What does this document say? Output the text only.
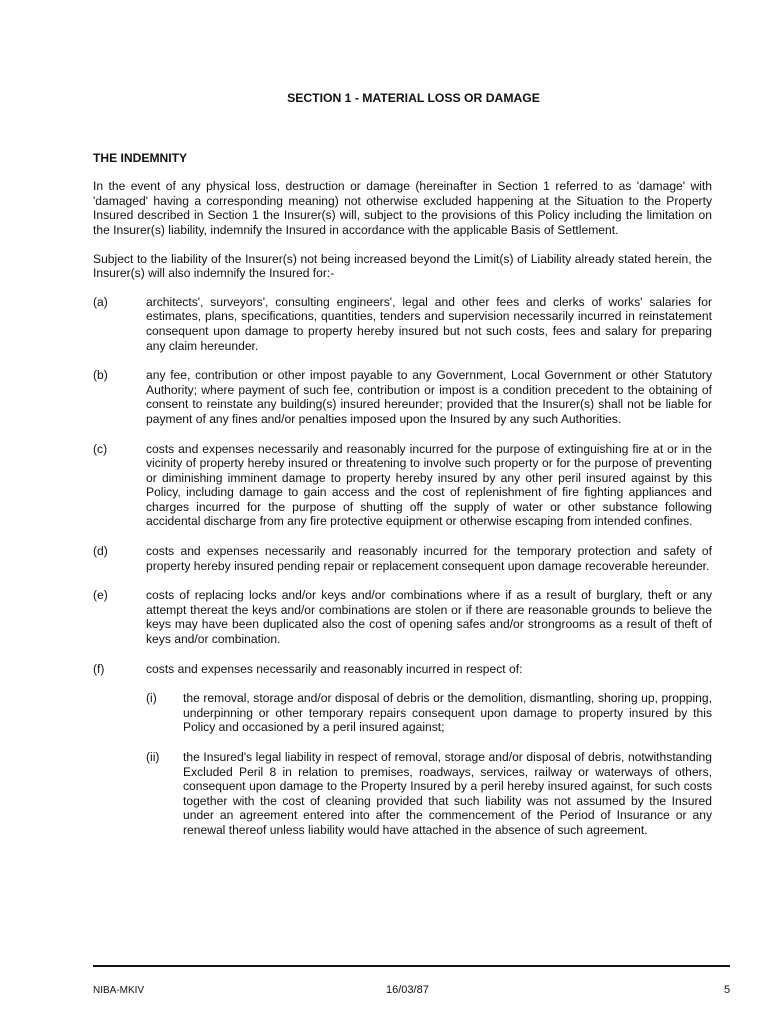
SECTION 1 - MATERIAL LOSS OR DAMAGE
THE INDEMNITY

In the event of any physical loss, destruction or damage (hereinafter in Section 1 referred to as 'damage' with 'damaged' having a corresponding meaning) not otherwise excluded happening at the Situation to the Property Insured described in Section 1 the Insurer(s) will, subject to the provisions of this Policy including the limitation on the Insurer(s) liability, indemnify the Insured in accordance with the applicable Basis of Settlement.

Subject to the liability of the Insurer(s) not being increased beyond the Limit(s) of Liability already stated herein, the Insurer(s) will also indemnify the Insured for:-

(a)	architects', surveyors', consulting engineers', legal and other fees and clerks of works' salaries for estimates, plans, specifications, quantities, tenders and supervision necessarily incurred in reinstatement consequent upon damage to property hereby insured but not such costs, fees and salary for preparing any claim hereunder.
(b)	any fee, contribution or other impost payable to any Government, Local Government or other Statutory Authority; where payment of such fee, contribution or impost is a condition precedent to the obtaining of consent to reinstate any building(s) insured hereunder; provided that the Insurer(s) shall not be liable for payment of any fines and/or penalties imposed upon the Insured by any such Authorities.
(c)	costs and expenses necessarily and reasonably incurred for the purpose of extinguishing fire at or in the vicinity of property hereby insured or threatening to involve such property or for the purpose of preventing or diminishing imminent damage to property hereby insured by any other peril insured against by this Policy, including damage to gain access and the cost of replenishment of fire fighting appliances and charges incurred for the purpose of shutting off the supply of water or other substance following accidental discharge from any fire protective equipment or otherwise escaping from intended confines.
(d)	costs and expenses necessarily and reasonably incurred for the temporary protection and safety of property hereby insured pending repair or replacement consequent upon damage recoverable hereunder.
(e)	costs of replacing locks and/or keys and/or combinations where if as a result of burglary, theft or any attempt thereat the keys and/or combinations are stolen or if there are reasonable grounds to believe the keys may have been duplicated also the cost of opening safes and/or strongrooms as a result of theft of keys and/or combination.
(f)	costs and expenses necessarily and reasonably incurred in respect of:

(i)	the removal, storage and/or disposal of debris or the demolition, dismantling, shoring up, propping, underpinning or other temporary repairs consequent upon damage to property insured by this Policy and occasioned by a peril insured against;
(ii)	the Insured's legal liability in respect of removal, storage and/or disposal of debris, notwithstanding Excluded Peril 8 in relation to premises, roadways, services, railway or waterways of others, consequent upon damage to the Property Insured by a peril hereby insured against, for such costs together with the cost of cleaning provided that such liability was not assumed by the Insured under an agreement entered into after the commencement of the Period of Insurance or any renewal thereof unless liability would have attached in the absence of such agreement.
NIBA-MKIV	16/03/87	5
